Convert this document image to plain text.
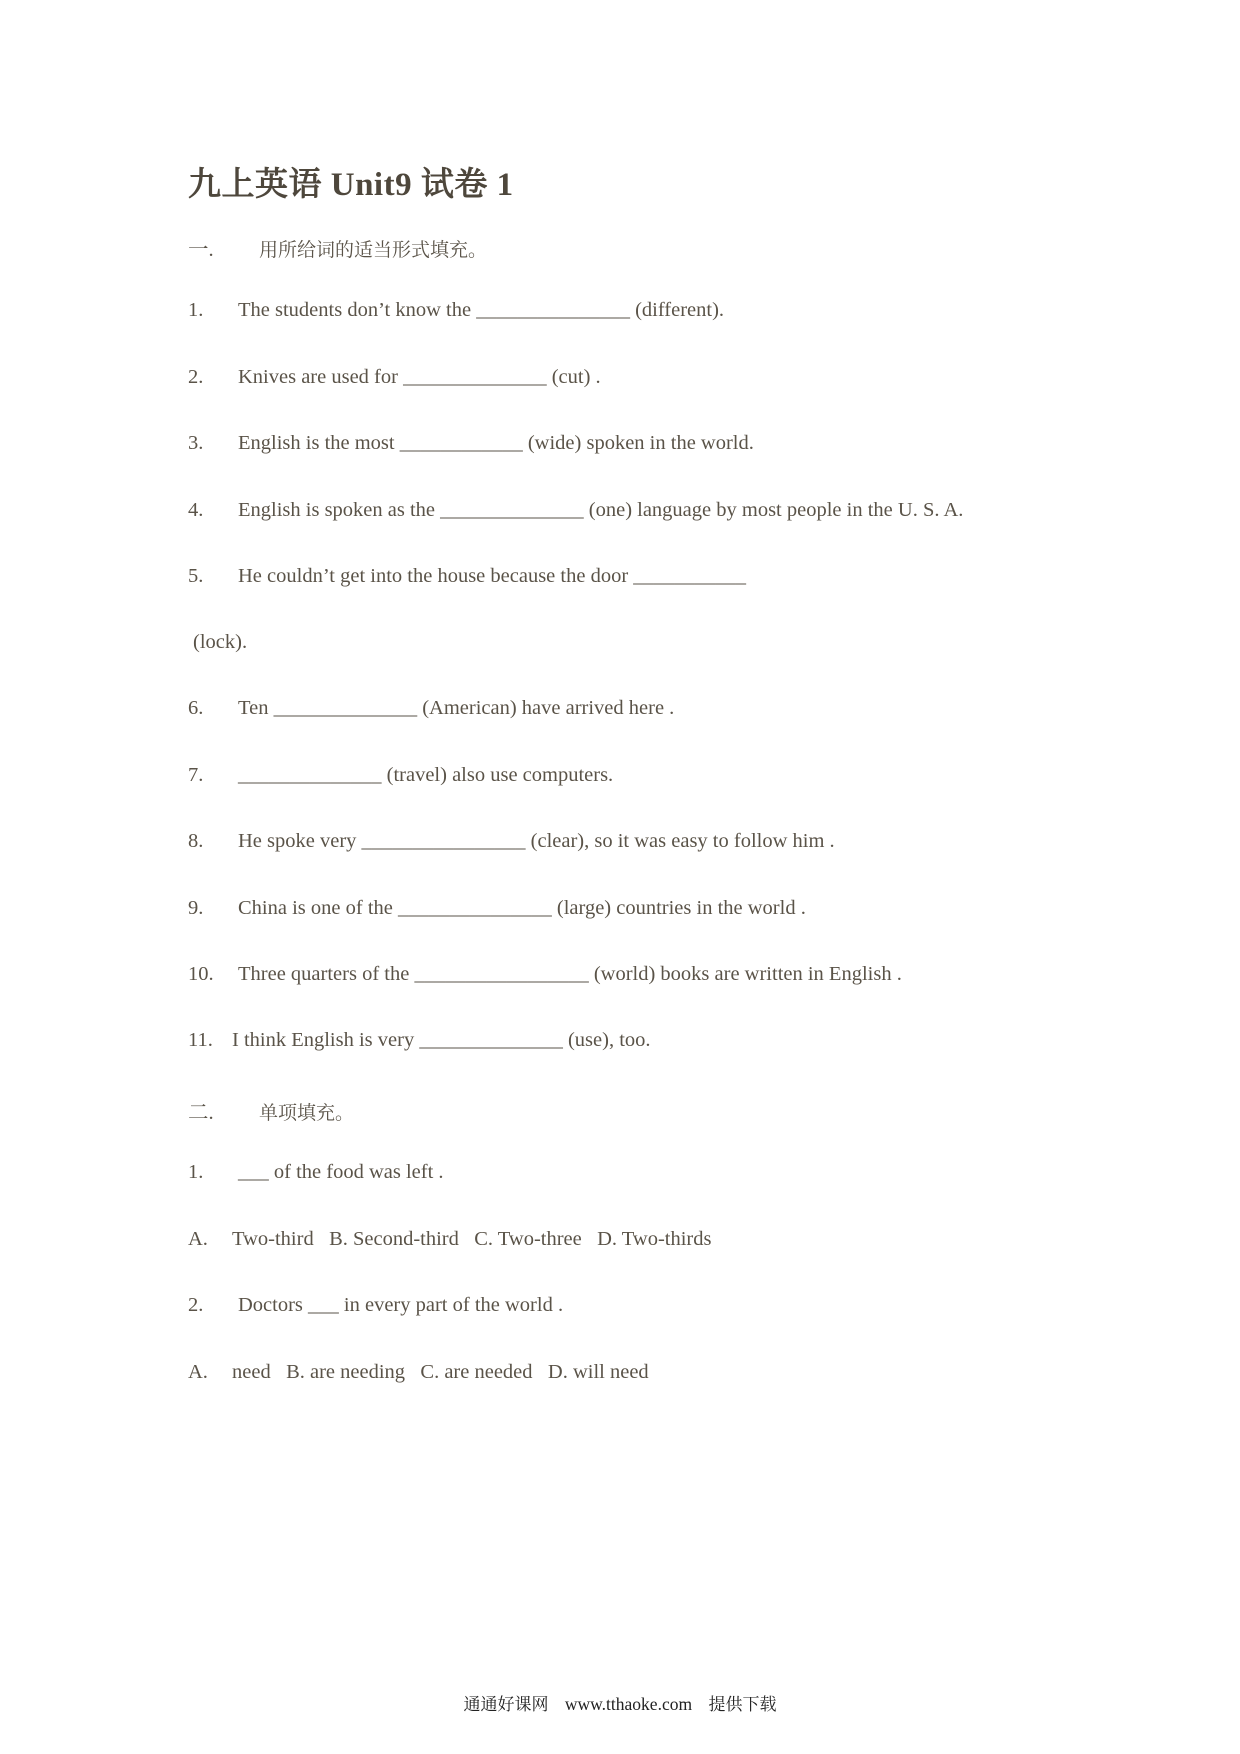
九上英语 Unit9 试卷 1
一. 用所给词的适当形式填充。
1. The students don’t know the _______________ (different).
2. Knives are used for ______________ (cut) .
3. English is the most ____________ (wide) spoken in the world.
4. English is spoken as the ______________ (one) language by most people in the U. S. A.
5. He couldn’t get into the house because the door ___________
(lock).
6. Ten ______________ (American) have arrived here .
7. ______________ (travel) also use computers.
8. He spoke very ________________ (clear), so it was easy to follow him .
9. China is one of the _______________ (large) countries in the world .
10. Three quarters of the _________________ (world) books are written in English .
11. I think English is very ______________ (use), too.
二. 单项填充。
1. ___ of the food was left .
A. Two-third   B. Second-third   C. Two-three   D. Two-thirds
2. Doctors ___ in every part of the world .
A. need   B. are needing   C. are needed   D. will need
通通好课网 www.tthaoke.com 提供下载
